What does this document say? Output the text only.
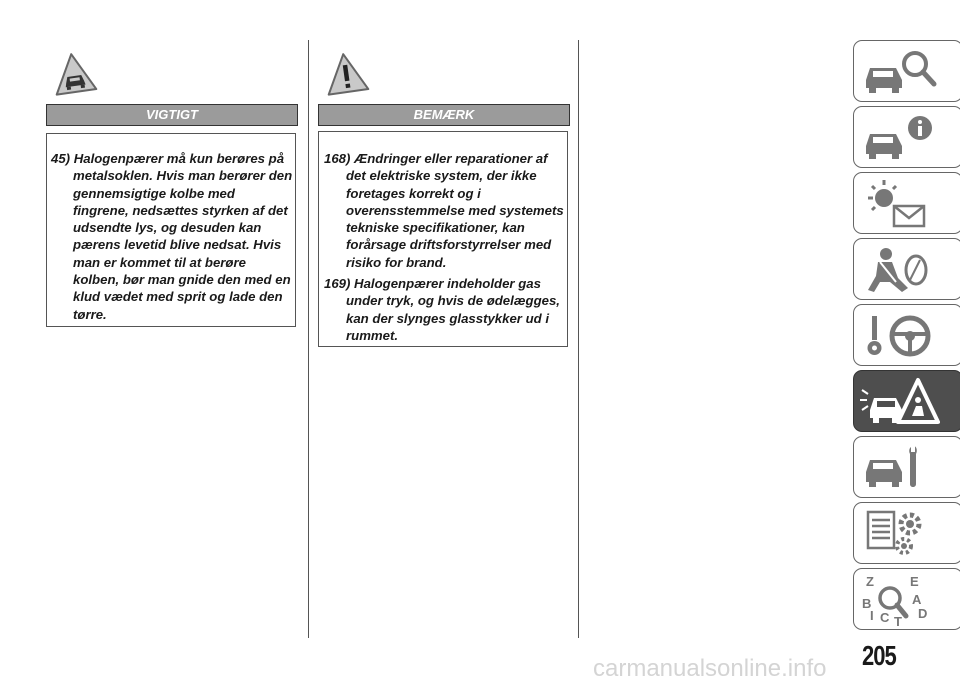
VIGTIGT

45) Halogenpærer må kun berøres på metalsoklen. Hvis man berører den gennemsigtige kolbe med fingrene, nedsættes styrken af det udsendte lys, og desuden kan pærens levetid blive nedsat. Hvis man er kommet til at berøre kolben, bør man gnide den med en klud vædet med sprit og lade den tørre.

BEMÆRK

168) Ændringer eller reparationer af det elektriske system, der ikke foretages korrekt og i overensstemmelse med systemets tekniske specifikationer, kan forårsage driftsforstyrrelser med risiko for brand.

169) Halogenpærer indeholder gas under tryk, og hvis de ødelægges, kan der slynges glasstykker ud i rummet.

Z	E
B	A
D
I C T
205
carmanualsonline.info
